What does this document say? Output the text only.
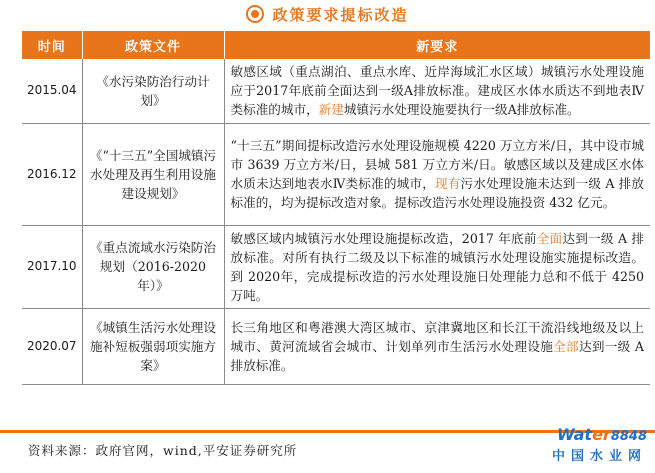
政策要求提标改造
时间	政策文件	新要求
2015.04	《水污染防治行动计划》	敏感区域（重点湖泊、重点水库、近岸海域汇水区域）城镇污水处理设施应于2017年底前全面达到一级A排放标准。建成区水体水质达不到地表Ⅳ类标准的城市，新建城镇污水处理设施要执行一级A排放标准。
2016.12	《“十三五”全国城镇污水处理及再生利用设施建设规划》	“十三五”期间提标改造污水处理设施规模 4220 万立方米/日，其中设市城市 3639 万立方米/日，县城 581 万立方米/日。敏感区域以及建成区水体水质未达到地表水Ⅳ类标准的城市，现有污水处理设施未达到一级 A 排放标准的，均为提标改造对象。提标改造污水处理设施投资 432 亿元。
2017.10	《重点流域水污染防治规划（2016-2020年）》	敏感区域内城镇污水处理设施提标改造，2017 年底前全面达到一级 A 排放标准。对所有执行二级及以下标准的城镇污水处理设施实施提标改造。到 2020年，完成提标改造的污水处理设施日处理能力总和不低于 4250 万吨。
2020.07	《城镇生活污水处理设施补短板强弱项实施方案》	长三角地区和粤港澳大湾区城市、京津冀地区和长江干流沿线地级及以上城市、黄河流域省会城市、计划单列市生活污水处理设施全部达到一级 A 排放标准。
资料来源：政府官网，wind,平安证券研究所
Water8848
中国水业网
